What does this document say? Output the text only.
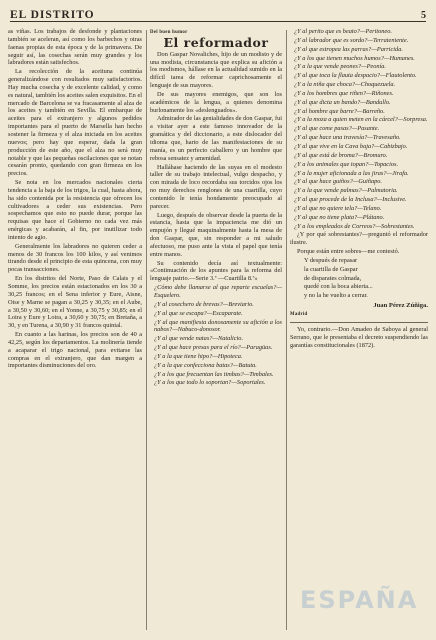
EL DISTRITO	5

as viñas. Los trabajos de desfonde y plantaciones también se aceleran, así como los barbechos y otras faenas propias de esta época y de la primavera. De seguir así, las cosechas serán muy grandes y los labradores están satisfechos.

La recolección de la aceituna continúa generalizándose con resultados muy satisfactorios. Hay mucha cosecha y de excelente calidad, y como es natural, también los aceites salen exquisitos. En el mercado de Barcelona se va fracasamente al alza de los aceites y también en Sevilla. El embarque de aceites para el extranjero y algunos pedidos importantes para el puerto de Marsella han hecho sostener la firmeza y el alza iniciada en los aceites nuevos; pero hay que esperar, dada la gran producción de este año, que el alza no será muy notable y que las pequeñas oscilaciones que se notan cesarán pronto, quedando con gran firmeza en los precios.

Se nota en los mercados nacionales cierta tendencia a la baja de los trigos, la cual, hasta ahora, ha sido contenida por la resistencia que ofrecen los cultivadores a ceder sus existencias. Pero sospechamos que esto no puede durar, porque las requisas que hace el Gobierno no cada vez más enérgicas y acabarán, al fin, por inutilizar todo intento de agio.

Generalmente los labradores no quieren ceder a menos de 30 francos los 100 kilos, y así venimos tirando desde el principio de esta quincena, con muy pocas transacciones.

En los distritos del Norte, Paso de Calais y el Somme, los precios están estacionados en los 30 a 30,25 francos; en el Sena inferior y Eure, Aisne, Oise y Marne se pagan a 30,25 y 30,35; en el Aube, a 30,50 y 30,60; en el Yonne, a 30,75 y 30,85; en el Loira y Eure y Loira, a 30,60 y 30,75; en Bretaña, a 30, y en Turena, a 30,90 y 31 francos quintal.

En cuanto a las harinas, los precios son de 40 a 42,25, según los departamentos. La molinería tiende a acaparar el trigo nacional, para evitarse las compras en el extranjero, que dan margen a importantes disminuciones del oro.

Del buen humor
El reformador

Don Gaspar Novaliches, hijo de un modisto y de una modista, circunstancia que explica su afición a los modismos, hállase en la actualidad sumido en la difícil tarea de reformar caprichosamente el lenguaje de sus mayores.

De sus mayores enemigos, que son los académicos de la lengua, a quienes denomina burlonamente los «deslenguados».

Admirador de las genialidades de don Gaspar, fui a visitar ayer a este famoso innovador de la gramática y del diccionario, a este dislocador del idioma que, harto de las manifestaciones de su manía, es un perfecto caballero y un hombre que rebosa sensatez y amenidad.

Halláhase haciendo de las suyas en el modesto taller de su trabajo intelectual, vulgo despacho, y con mirada de loco recordaba sus torcidos ojos los no muy derechos renglones de una cuartilla, cuyo contenido le tenía hondamente preocupado al parecer.

Luego, después de observar desde la puerta de la estancia, hasta que la impaciencia me dió un empujón y llegué maquinalmente hasta la mesa de don Gaspar, que, sin responder a mi saludo afectuoso, me puso ante la vista el papel que tenía entre manos.

Su contenido decía así textualmente: «Continuación de los apuntes para la reforma del lenguaje patrio.—Serie 3.ª —Cuartilla 8.ª»

¿Cómo debe llamarse al que reparte escuelas?—Esquelero.

¿Y al cosechero de brevas?—Breviario.

¿Y al que se escapa?—Escaparate.

¿Y al que manifiesta donosamente su afición a los nabos?—Nabuco-donosor.

¿Y al que vende natas?—Natalicio.

¿Y al que hace presas para el río?—Paragüas.

¿Y a la que tiene hipo?—Hipoteca.

¿Y a la que confecciona batas?—Batuta.

¿Y a los que frecuentan las timbas?—Timbales.

¿Y a los que todo lo soportan?—Soportales.

¿Y al perito que es beato?—Peritoneo.

¿Y al labrador que es sordo?—Terrateniente.

¿Y al que estropea las parras?—Parricida.

¿Y a los que tienen muchos humos?—Humanes.

¿Y a la que vende peones?—Peonía.

¿Y al que toca la flauta despacio?—Flautolento.

¿Y a la niña que choca?—Choquezuela.

¿Y a los hombres que riñen?—Riñones.

¿Y al que dicta un bando?—Bandullo.

¿Y al hombre que barre?—Barreño.

¿Y a la moza a quien meten en la cárcel?—Sorpresa.

¿Y al que come pasas?—Pasante.

¿Y al que hace una travesía?—Travesaño.

¿Y al que vive en la Cava baja?—Cabizbajo.

¿Y al que está de broma?—Bromuro.

¿Y a los animales que topan?—Topacios.

¿Y a la mujer aficionada a las jiras?—Jirafa.

¿Y al que hace guiños?—Guiñapo.

¿Y a la que vende palmas?—Palmatoria.

¿Y al que procede de la Inclusa?—Inclusive.

¿Y al que no quiere tela?—Telano.

¿Y al que no tiene plata?—Plátano.

¿Y a los empleados de Correos?—Sobrestantes.

¿Y por qué sobrestantes?—preguntó el reformador ilustre.

Porque están entre sobres—me contestó.

Y después de repasar

la cuartilla de Gaspar

de disparates colmada,

quedé con la boca abierta...

y no la he vuelto a cerrar.

Juan Pérez Zúñiga.
Madrid

Yo, contrario.—Don Amadeo de Saboya al general Serrano, que le presentaba el decreto suspendiendo las garantías constitucionales (1872).

ESPAÑA
